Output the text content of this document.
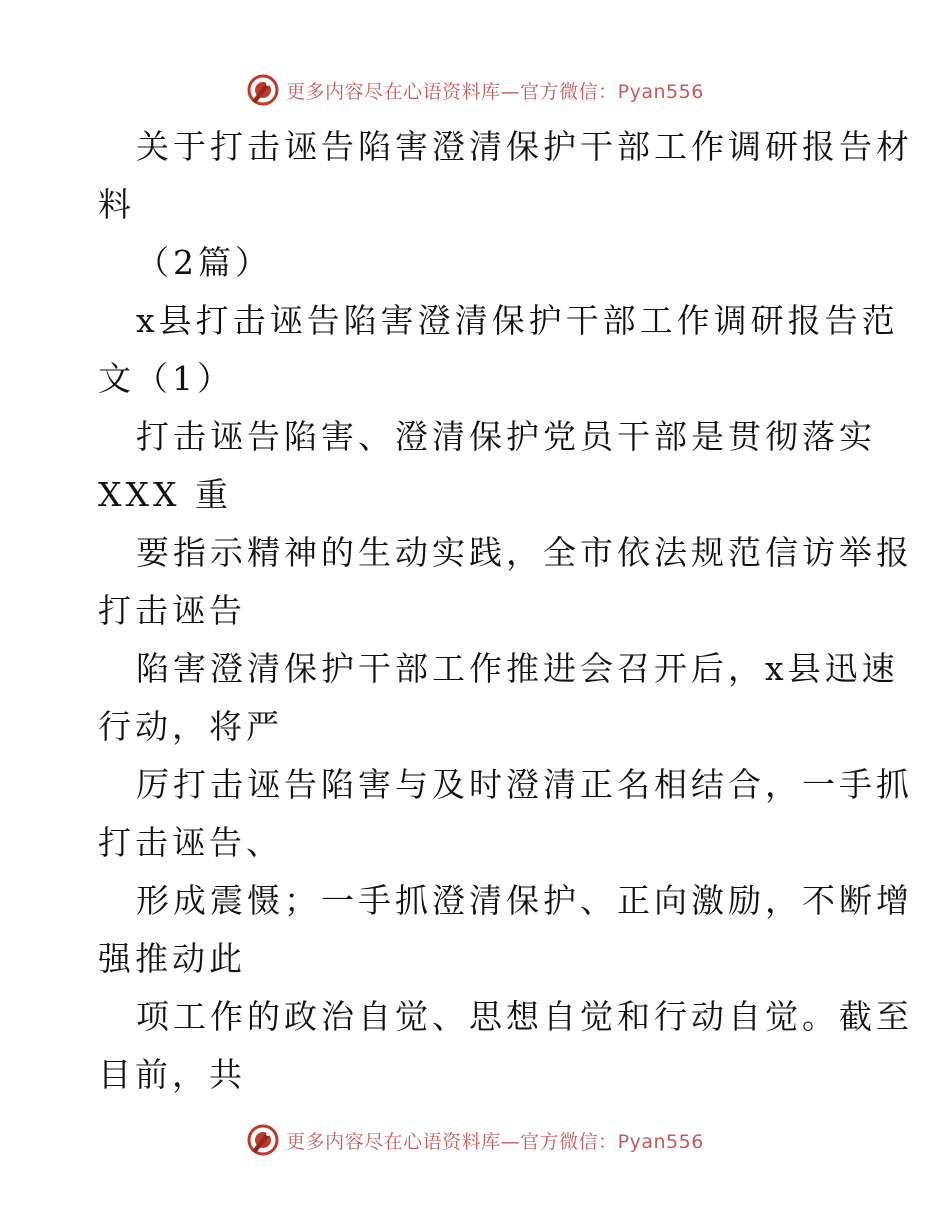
更多内容尽在心语资料库—官方微信：Pyan556
关于打击诬告陷害澄清保护干部工作调研报告材
料
（2篇）
x县打击诬告陷害澄清保护干部工作调研报告范
文（1）
打击诬告陷害、澄清保护党员干部是贯彻落实
XXX 重
要指示精神的生动实践，全市依法规范信访举报
打击诬告
陷害澄清保护干部工作推进会召开后，x县迅速
行动，将严
厉打击诬告陷害与及时澄清正名相结合，一手抓
打击诬告、
形成震慑；一手抓澄清保护、正向激励，不断增
强推动此
项工作的政治自觉、思想自觉和行动自觉。截至
目前，共
更多内容尽在心语资料库—官方微信：Pyan556
